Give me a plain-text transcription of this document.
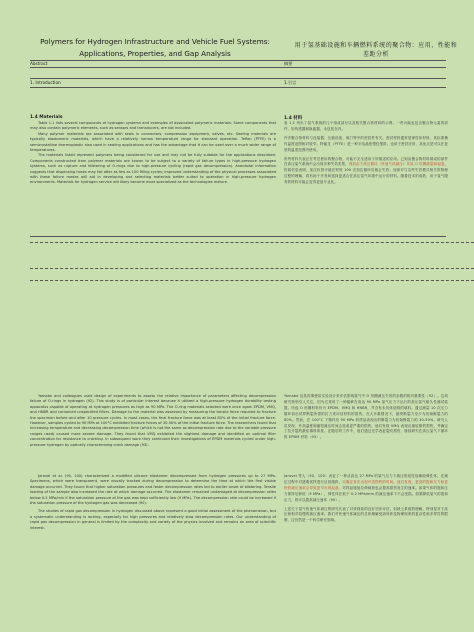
Polymers for Hydrogen Infrastructure and Vehicle Fuel Systems: Applications, Properties, and Gap Analysis
用于氢基础设施和车辆燃料系统的聚合物：应用、性能和差距分析
Abstract	摘要
1. Introduction	1.引言
1.4 Materials
Table 1.1 lists several components of hydrogen systems and examples of associated polymeric materials. Some components that may also contain polymeric elements, such as sensors and transducers, are not included.
Many polymer materials are associated with seals in connectors, compression equipment, valves, etc. Sealing materials are typically elastomeric materials, which have a relatively narrow temperature range for standard operation. Teflon (PTFE) is a semicrystalline thermoplastic also used in sealing applications and has the advantage that it can be used over a much wider range of temperatures.
The materials listed represent polymers being considered for use and may not be fully suitable for the applications described. Components constructed from polymer materials are known to be subject to a variety of failure types in high-pressure hydrogen systems, such as rupture and blistering of O-rings due to high-pressure cycling (rapid gas decompression). Anecdotal information suggests that dispensing hoses may fail after as few as 100 filling cycles; improved understanding of the physical processes associated with these failure modes will aid in developing and selecting materials better suited to operation in high-pressure hydrogen environments. Materials for hydrogen service will likely become more specialized as the technologies mature.
1.4 材料
表 1.1 列出了氢气系统的几个组成部分以及相关聚合物材料的示例。一些可能也包含聚合物元素的部件，如传感器和换能器，未包括在内。
许多聚合物材料与连接器、压缩设备、阀门等中的密封件有关。密封材料通常是弹性体材料，其标准操作温度范围相对较窄。特氟龙（PTFE）是一种半结晶热塑性塑料，也用于密封应用，其优点是可以在更宽的温度范围内使用。
所列材料代表正在考虑使用的聚合物，可能不完全适用于所描述的应用。已知由聚合物材料制成的部件在高压氢气系统中会出现多种失效类型，例如由于高压循环（快速气体减压）导致 O 形圈破裂和起泡。传闻信息表明，加注软管可能在短短 100 次加注循环后就会失效；加深对与这些失效模式相关的物理过程的理解，将有助于开发和选择更适合在高压氢气环境中运行的材料。随着技术的成熟，用于氢气服务的材料可能会变得更加专业化。
Yamabe and colleagues used design of experiments to assess the relative importance of parameters affecting decompression failure of O-rings in hydrogen (92). This study is of particular interest because it utilized a high-pressure hydrogen durability testing apparatus capable of operating at hydrogen pressures as high as 90 MPa. The O-ring materials selected were once again EPDM, VMQ, and HNBR and contained unspecified fillers. Damage to the material was assessed by measuring the tensile force required to fracture the specimen before and after 10 pressure cycles. In most cases, the final fracture force was at least 80% of the initial fracture force. However, samples cycled to 90 MPa at 100°C exhibited fracture forces of 30-50% of the initial fracture force. The researchers found that increasing temperature and decreasing decompression time (which is not the same as decompression rate due to the variable pressure ranges used) caused more severe damage. They found that VMQ exhibited the slightest damage and identified an optimal filler concentration for resistance to cracking. In subsequent work they continued their investigations of EPDM materials cycled under high-pressure hydrogen by optically characterizing crack damage (93).
Yamabe 及其同事使用实验设计来评估影响氢气中 O 形圈减压失效的参数的相对重要性（92）。这项研究特别引人关注，因为它采用了一种能够在高达 90 MPa 氢气压力下运行的高压氢气耐久性测试装置。所选 O 形圈材料仍为 EPDM、VMQ 和 HNBR，并含有未具体说明的填料。通过测量 10 次压力循环前后试样断裂所需的拉力来评估材料的损伤。在大多数情况下，最终断裂力至少为初始断裂力的 80%。然而，在 100°C 下循环至 90 MPa 的样品表现出的断裂力为初始断裂力的 30-50%。研究人员发现，升高温度和缩短减压时间会造成更严重的损伤。他们发现 VMQ 表现出最轻微的损伤，并确定了抗开裂的最佳填料浓度。在随后的工作中，他们通过光学表征裂纹损伤，继续研究在高压氢气下循环的 EPDM 材料（93）。
Jaravel et al. (90, 100) characterized a modified silicone elastomer decompressed from hydrogen pressures up to 27 MPa. Specimens, which were transparent, were visually tracked during decompression to determine the time at which the first visible damage occurred. They found that higher saturation pressures and faster decompression rates led to earlier onset of blistering. Tensile loading of the sample also increased the rate at which damage occurred. The elastomer remained undamaged at decompression rates below 0.2 MPa/min if the saturation pressure of the gas was kept sufficiently low (9 MPa). The decompression rate could be increased if the saturation pressure of the hydrogen gas was decreased (90).
The studies of rapid gas decompression in hydrogen discussed above represent a good initial assessment of the phenomenon, but a systematic understanding is lacking, especially for high pressures and relatively slow decompression rates. Our understanding of rapid gas decompression in general is limited by the complexity and variety of the physics involved and remains an area of scientific interest.
Jaravel 等人（90，100）表征了一种从高达 27 MPa 的氢气压力下减压的改性硅橡胶弹性体。在减压过程中对透明试样进行目视跟踪，以确定首次出现可见损伤的时间。他们发现，更高的饱和压力和更快的减压速率会导致更早出现起泡。对样品施加拉伸载荷也会提高损伤发生的速率。如果气体的饱和压力保持足够低（9 MPa），弹性体在低于 0.2 MPa/min 的减压速率下不会受损。如果降低氢气的饱和压力，则可以提高减压速率（90）。
上述关于氢气快速气体减压的研究代表了对该现象的良好初步评估，但缺乏系统的理解，特别是对于高压和相对较慢的减压速率。我们对快速气体减压的总体理解受到所涉及物理现象的复杂性和多样性的限制，这仍然是一个科学研究领域。
